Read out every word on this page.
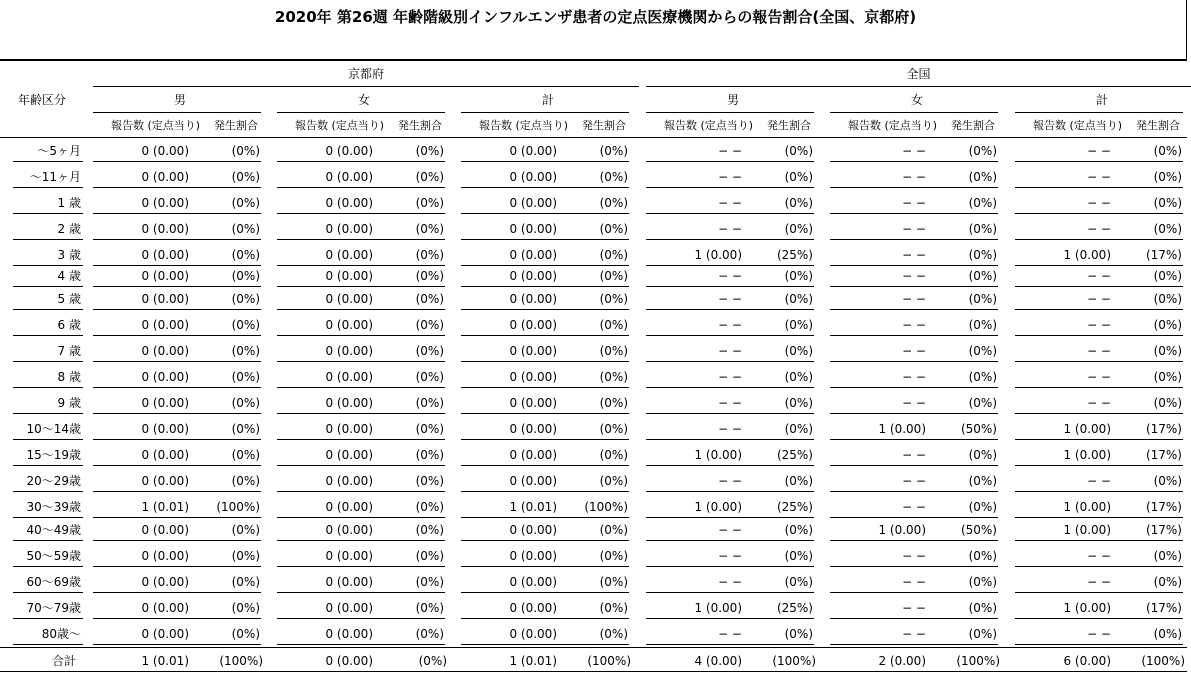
2020年 第26週 年齢階級別インフルエンザ患者の定点医療機関からの報告割合(全国、京都府)
京都府	全国
年齢区分	男
報告数 (定点当り)	発生割合
女
報告数 (定点当り)	発生割合
計
報告数 (定点当り)	発生割合
男
報告数 (定点当り)	発生割合
女
報告数 (定点当り)	発生割合
計
報告数 (定点当り)	発生割合
〜5ヶ月	0 (0.00)	(0%)	0 (0.00)	(0%)	0 (0.00)	(0%)	− −	(0%)	− −	(0%)	− −	(0%)
〜11ヶ月	0 (0.00)	(0%)	0 (0.00)	(0%)	0 (0.00)	(0%)	− −	(0%)	− −	(0%)	− −	(0%)
1 歳	0 (0.00)	(0%)	0 (0.00)	(0%)	0 (0.00)	(0%)	− −	(0%)	− −	(0%)	− −	(0%)
2 歳	0 (0.00)	(0%)	0 (0.00)	(0%)	0 (0.00)	(0%)	− −	(0%)	− −	(0%)	− −	(0%)
3 歳	0 (0.00)	(0%)	0 (0.00)	(0%)	0 (0.00)	(0%)	1 (0.00)	(25%)	− −	(0%)	1 (0.00)	(17%)
4 歳	0 (0.00)	(0%)	0 (0.00)	(0%)	0 (0.00)	(0%)	− −	(0%)	− −	(0%)	− −	(0%)
5 歳	0 (0.00)	(0%)	0 (0.00)	(0%)	0 (0.00)	(0%)	− −	(0%)	− −	(0%)	− −	(0%)
6 歳	0 (0.00)	(0%)	0 (0.00)	(0%)	0 (0.00)	(0%)	− −	(0%)	− −	(0%)	− −	(0%)
7 歳	0 (0.00)	(0%)	0 (0.00)	(0%)	0 (0.00)	(0%)	− −	(0%)	− −	(0%)	− −	(0%)
8 歳	0 (0.00)	(0%)	0 (0.00)	(0%)	0 (0.00)	(0%)	− −	(0%)	− −	(0%)	− −	(0%)
9 歳	0 (0.00)	(0%)	0 (0.00)	(0%)	0 (0.00)	(0%)	− −	(0%)	− −	(0%)	− −	(0%)
10〜14歳	0 (0.00)	(0%)	0 (0.00)	(0%)	0 (0.00)	(0%)	− −	(0%)	1 (0.00)	(50%)	1 (0.00)	(17%)
15〜19歳	0 (0.00)	(0%)	0 (0.00)	(0%)	0 (0.00)	(0%)	1 (0.00)	(25%)	− −	(0%)	1 (0.00)	(17%)
20〜29歳	0 (0.00)	(0%)	0 (0.00)	(0%)	0 (0.00)	(0%)	− −	(0%)	− −	(0%)	− −	(0%)
30〜39歳	1 (0.01)	(100%)	0 (0.00)	(0%)	1 (0.01)	(100%)	1 (0.00)	(25%)	− −	(0%)	1 (0.00)	(17%)
40〜49歳	0 (0.00)	(0%)	0 (0.00)	(0%)	0 (0.00)	(0%)	− −	(0%)	1 (0.00)	(50%)	1 (0.00)	(17%)
50〜59歳	0 (0.00)	(0%)	0 (0.00)	(0%)	0 (0.00)	(0%)	− −	(0%)	− −	(0%)	− −	(0%)
60〜69歳	0 (0.00)	(0%)	0 (0.00)	(0%)	0 (0.00)	(0%)	− −	(0%)	− −	(0%)	− −	(0%)
70〜79歳	0 (0.00)	(0%)	0 (0.00)	(0%)	0 (0.00)	(0%)	1 (0.00)	(25%)	− −	(0%)	1 (0.00)	(17%)
80歳〜	0 (0.00)	(0%)	0 (0.00)	(0%)	0 (0.00)	(0%)	− −	(0%)	− −	(0%)	− −	(0%)
合計	1 (0.01)	(100%)	0 (0.00)	(0%)	1 (0.01)	(100%)	4 (0.00)	(100%)	2 (0.00)	(100%)	6 (0.00)	(100%)
